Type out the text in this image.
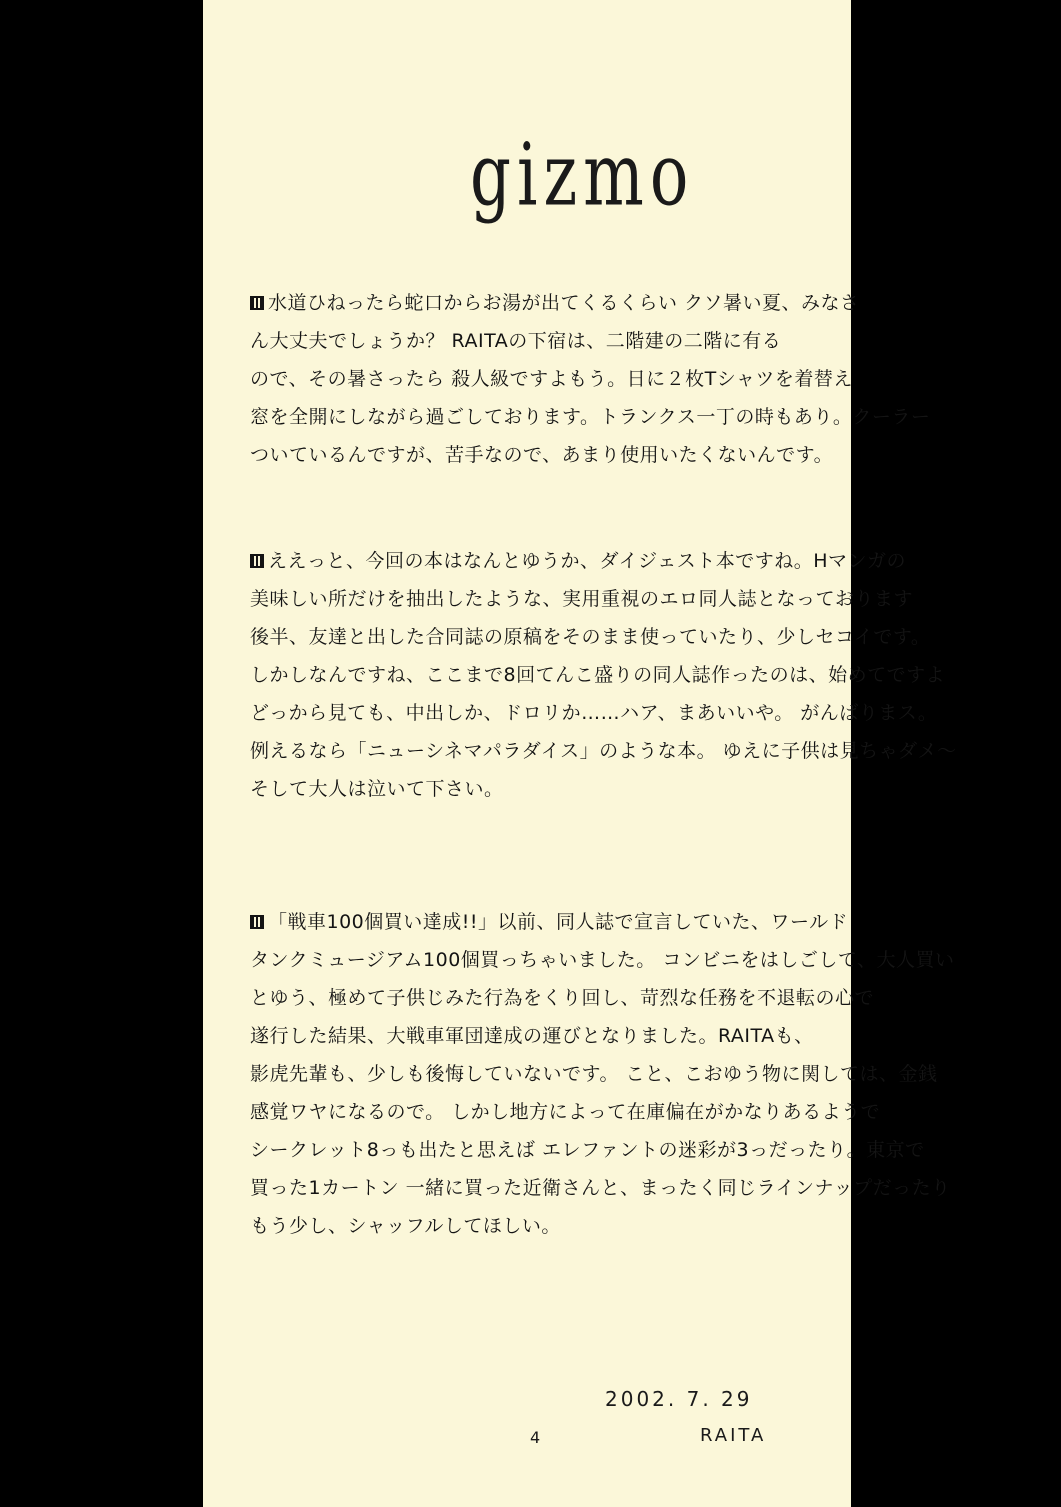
gizmo
水道ひねったら蛇口からお湯が出てくるくらい クソ暑い夏、みなさ
ん大丈夫でしょうか？ RAITAの下宿は、二階建の二階に有る
ので、その暑さったら 殺人級ですよもう。日に２枚Tシャツを着替え
窓を全開にしながら過ごしております。トランクス一丁の時もあり。クーラー
ついているんですが、苦手なので、あまり使用いたくないんです。
ええっと、今回の本はなんとゆうか、ダイジェスト本ですね。Hマンガの
美味しい所だけを抽出したような、実用重視のエロ同人誌となっております
後半、友達と出した合同誌の原稿をそのまま使っていたり、少しセコイです。
しかしなんですね、ここまで8回てんこ盛りの同人誌作ったのは、始めてですよ
どっから見ても、中出しか、ドロリか……ハア、まあいいや。 がんばりまス。
例えるなら「ニューシネマパラダイス」のような本。 ゆえに子供は見ちゃダメ～
そして大人は泣いて下さい。
「戦車100個買い達成!!」以前、同人誌で宣言していた、ワールド
タンクミュージアム100個買っちゃいました。 コンビニをはしごして、大人買い
とゆう、極めて子供じみた行為をくり回し、苛烈な任務を不退転の心で
遂行した結果、大戦車軍団達成の運びとなりました。RAITAも、
影虎先輩も、少しも後悔していないです。 こと、こおゆう物に関しては、金銭
感覚ワヤになるので。 しかし地方によって在庫偏在がかなりあるようで
シークレット8っも出たと思えば エレファントの迷彩が3っだったり。東京で
買った1カートン 一緒に買った近衛さんと、まったく同じラインナップだったり
もう少し、シャッフルしてほしい。
2002. 7. 29
4	RAITA
